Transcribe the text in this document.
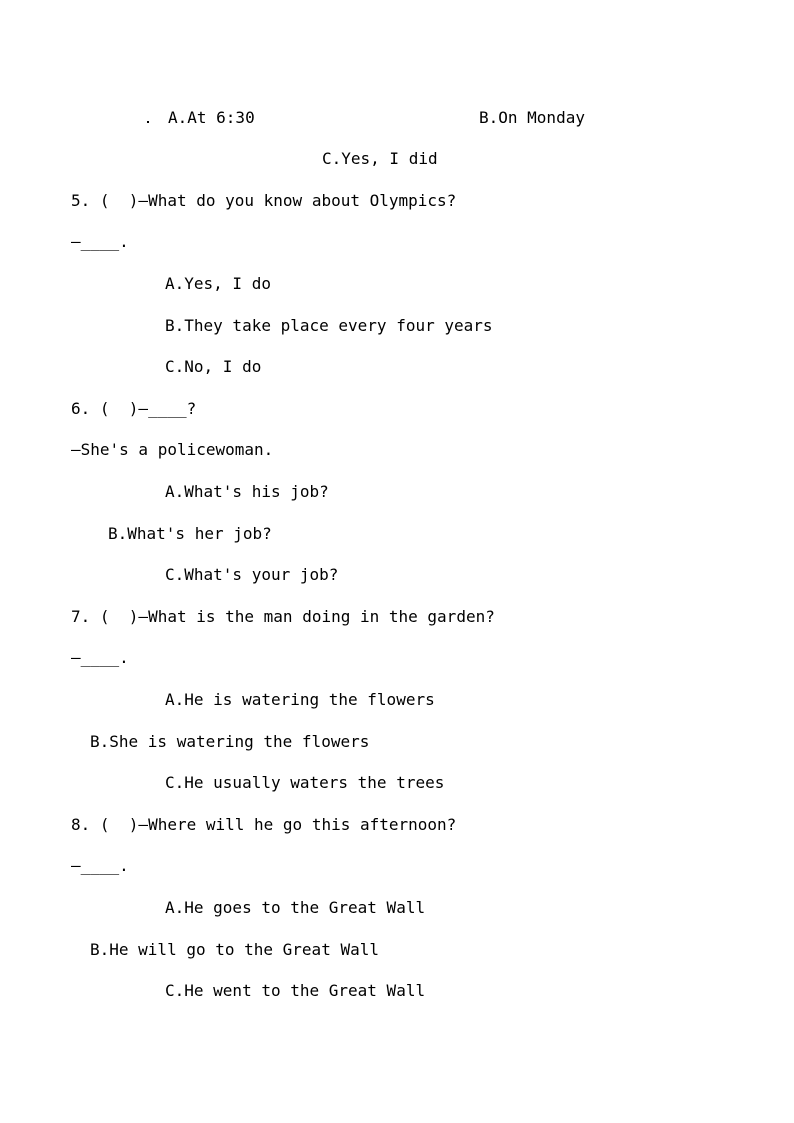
A.At 6:30	B.On Monday
C.Yes, I did
5. (  )—What do you know about Olympics?
—____.
A.Yes, I do
B.They take place every four years
C.No, I do
6. (  )—____?
—She's a policewoman.
A.What's his job?
B.What's her job?
C.What's your job?
7. (  )—What is the man doing in the garden?
—____.
A.He is watering the flowers
B.She is watering the flowers
C.He usually waters the trees
8. (  )—Where will he go this afternoon?
—____.
A.He goes to the Great Wall
B.He will go to the Great Wall
C.He went to the Great Wall
